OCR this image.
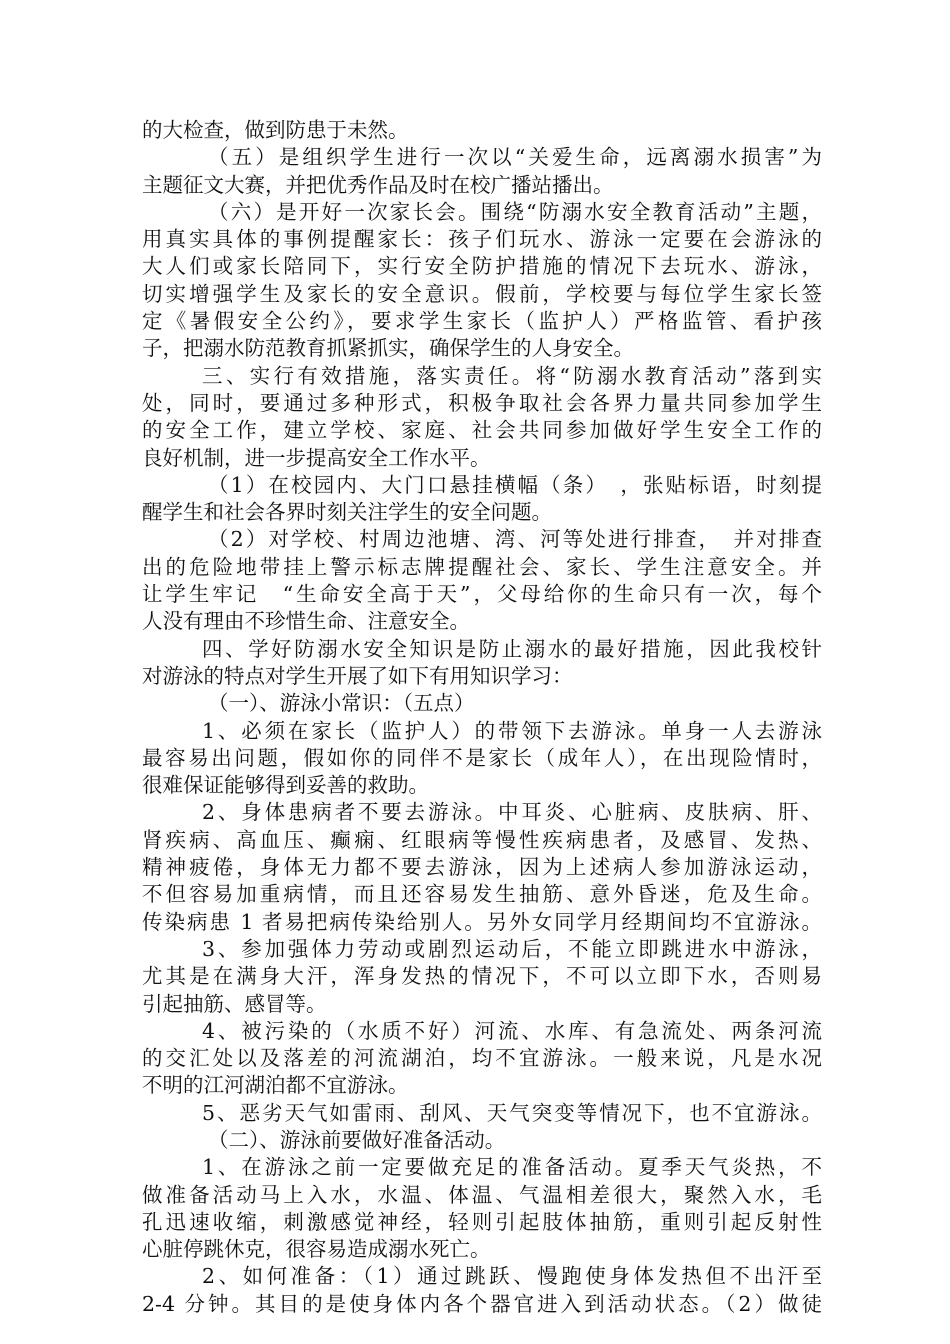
的大检查，做到防患于未然。
（五）是组织学生进行一次以“关爱生命，远离溺水损害”为
主题征文大赛，并把优秀作品及时在校广播站播出。
（六）是开好一次家长会。围绕“防溺水安全教育活动”主题，
用真实具体的事例提醒家长：孩子们玩水、游泳一定要在会游泳的
大人们或家长陪同下，实行安全防护措施的情况下去玩水、游泳，
切实增强学生及家长的安全意识。假前，学校要与每位学生家长签
定《暑假安全公约》，要求学生家长（监护人）严格监管、看护孩
子，把溺水防范教育抓紧抓实，确保学生的人身安全。
三、实行有效措施，落实责任。将“防溺水教育活动”落到实
处，同时，要通过多种形式，积极争取社会各界力量共同参加学生
的安全工作，建立学校、家庭、社会共同参加做好学生安全工作的
良好机制，进一步提高安全工作水平。
（1）在校园内、大门口悬挂横幅（条）　，张贴标语，时刻提
醒学生和社会各界时刻关注学生的安全问题。
（2）对学校、村周边池塘、湾、河等处进行排查，　并对排查
出的危险地带挂上警示标志牌提醒社会、家长、学生注意安全。并
让学生牢记　“生命安全高于天”，父母给你的生命只有一次，每个
人没有理由不珍惜生命、注意安全。
四、学好防溺水安全知识是防止溺水的最好措施，因此我校针
对游泳的特点对学生开展了如下有用知识学习：
（一）、游泳小常识：（五点）
1、必须在家长（监护人）的带领下去游泳。单身一人去游泳
最容易出问题，假如你的同伴不是家长（成年人），在出现险情时，
很难保证能够得到妥善的救助。
2、身体患病者不要去游泳。中耳炎、心脏病、皮肤病、肝、
肾疾病、高血压、癫痫、红眼病等慢性疾病患者，及感冒、发热、
精神疲倦，身体无力都不要去游泳，因为上述病人参加游泳运动，
不但容易加重病情，而且还容易发生抽筋、意外昏迷，危及生命。
传染病患 1 者易把病传染给别人。另外女同学月经期间均不宜游泳。
3、参加强体力劳动或剧烈运动后，不能立即跳进水中游泳，
尤其是在满身大汗，浑身发热的情况下，不可以立即下水，否则易
引起抽筋、感冒等。
4、被污染的（水质不好）河流、水库、有急流处、两条河流
的交汇处以及落差的河流湖泊，均不宜游泳。一般来说，凡是水况
不明的江河湖泊都不宜游泳。
5、恶劣天气如雷雨、刮风、天气突变等情况下，也不宜游泳。
（二）、游泳前要做好准备活动。
1、在游泳之前一定要做充足的准备活动。夏季天气炎热，不
做准备活动马上入水，水温、体温、气温相差很大，聚然入水，毛
孔迅速收缩，刺激感觉神经，轻则引起肢体抽筋，重则引起反射性
心脏停跳休克，很容易造成溺水死亡。
2、如何准备：（1）通过跳跃、慢跑使身体发热但不出汗至
2-4 分钟。其目的是使身体内各个器官进入到活动状态。（2）做徒
